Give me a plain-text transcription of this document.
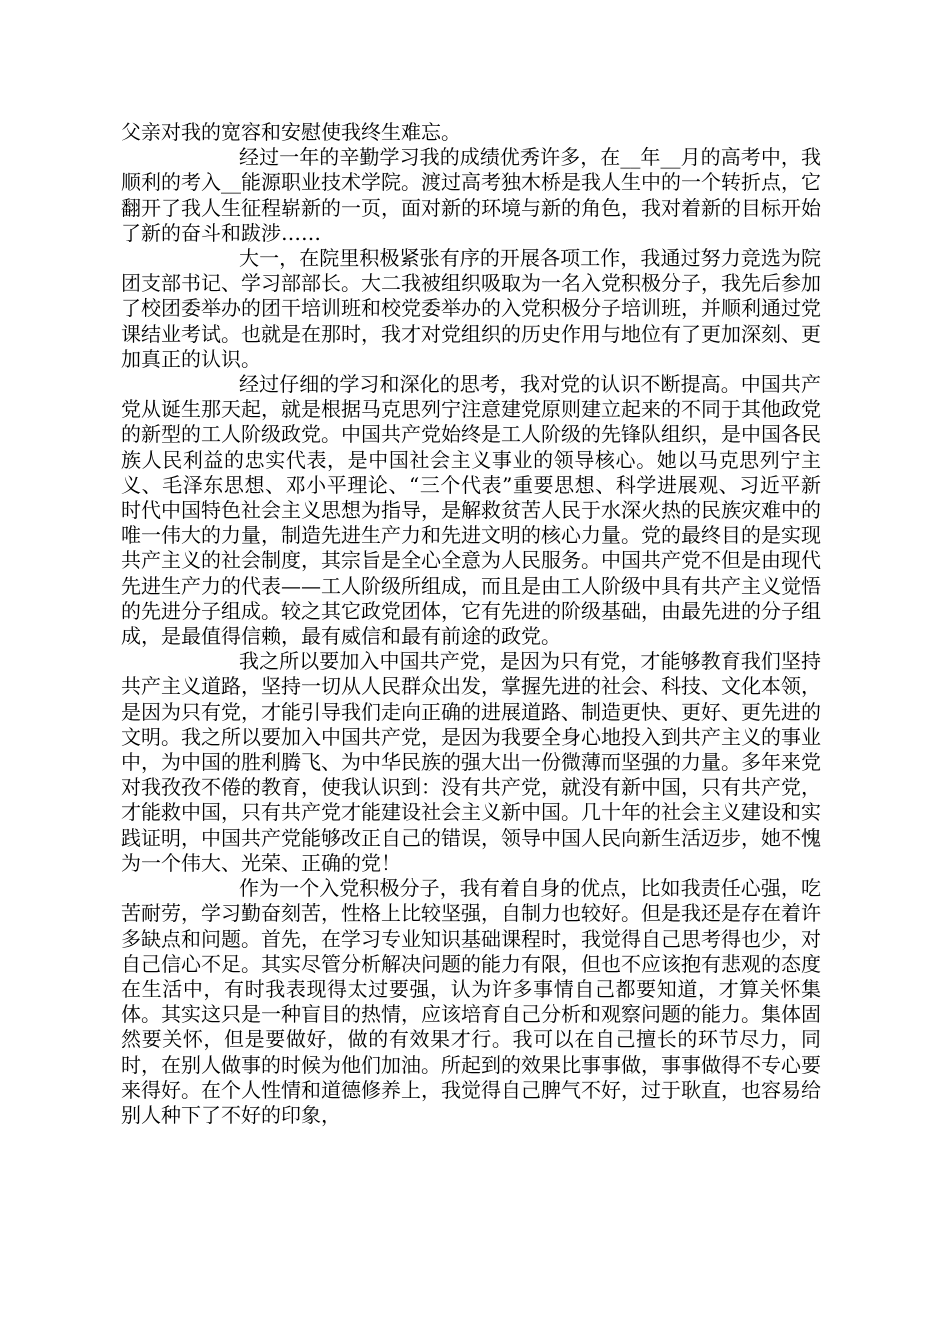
父亲对我的宽容和安慰使我终生难忘。

经过一年的辛勤学习我的成绩优秀许多，在__年__月的高考中，我顺利的考入__能源职业技术学院。渡过高考独木桥是我人生中的一个转折点，它翻开了我人生征程崭新的一页，面对新的环境与新的角色，我对着新的目标开始了新的奋斗和跋涉……

大一，在院里积极紧张有序的开展各项工作，我通过努力竞选为院团支部书记、学习部部长。大二我被组织吸取为一名入党积极分子，我先后参加了校团委举办的团干培训班和校党委举办的入党积极分子培训班，并顺利通过党课结业考试。也就是在那时，我才对党组织的历史作用与地位有了更加深刻、更加真正的认识。

经过仔细的学习和深化的思考，我对党的认识不断提高。中国共产党从诞生那天起，就是根据马克思列宁注意建党原则建立起来的不同于其他政党的新型的工人阶级政党。中国共产党始终是工人阶级的先锋队组织，是中国各民族人民利益的忠实代表，是中国社会主义事业的领导核心。她以马克思列宁主义、毛泽东思想、邓小平理论、“三个代表”重要思想、科学进展观、习近平新时代中国特色社会主义思想为指导，是解救贫苦人民于水深火热的民族灾难中的唯一伟大的力量，制造先进生产力和先进文明的核心力量。党的最终目的是实现共产主义的社会制度，其宗旨是全心全意为人民服务。中国共产党不但是由现代先进生产力的代表——工人阶级所组成，而且是由工人阶级中具有共产主义觉悟的先进分子组成。较之其它政党团体，它有先进的阶级基础，由最先进的分子组成，是最值得信赖，最有威信和最有前途的政党。

我之所以要加入中国共产党，是因为只有党，才能够教育我们坚持共产主义道路，坚持一切从人民群众出发，掌握先进的社会、科技、文化本领，是因为只有党，才能引导我们走向正确的进展道路、制造更快、更好、更先进的文明。我之所以要加入中国共产党，是因为我要全身心地投入到共产主义的事业中，为中国的胜利腾飞、为中华民族的强大出一份微薄而坚强的力量。多年来党对我孜孜不倦的教育，使我认识到：没有共产党，就没有新中国，只有共产党，才能救中国，只有共产党才能建设社会主义新中国。几十年的社会主义建设和实践证明，中国共产党能够改正自己的错误，领导中国人民向新生活迈步，她不愧为一个伟大、光荣、正确的党！

作为一个入党积极分子，我有着自身的优点，比如我责任心强，吃苦耐劳，学习勤奋刻苦，性格上比较坚强，自制力也较好。但是我还是存在着许多缺点和问题。首先，在学习专业知识基础课程时，我觉得自己思考得也少，对自己信心不足。其实尽管分析解决问题的能力有限，但也不应该抱有悲观的态度在生活中，有时我表现得太过要强，认为许多事情自己都要知道，才算关怀集体。其实这只是一种盲目的热情，应该培育自己分析和观察问题的能力。集体固然要关怀，但是要做好，做的有效果才行。我可以在自己擅长的环节尽力，同时，在别人做事的时候为他们加油。所起到的效果比事事做，事事做得不专心要来得好。在个人性情和道德修养上，我觉得自己脾气不好，过于耿直，也容易给别人种下了不好的印象，
